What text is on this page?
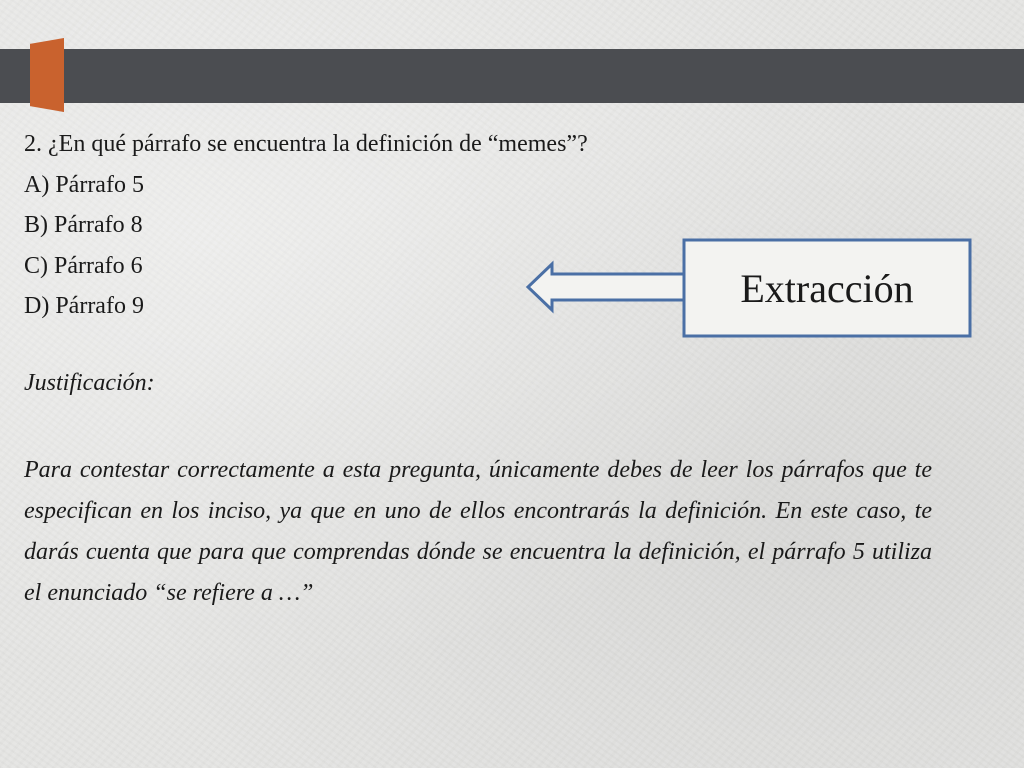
2. ¿En qué párrafo se encuentra la definición de “memes”?

A) Párrafo 5

B) Párrafo 8

C) Párrafo 6

D) Párrafo 9	Extracción

Justificación:

Para contestar correctamente a esta pregunta, únicamente debes de leer los párrafos que te especifican en los inciso, ya que en uno de ellos encontrarás la definición. En este caso, te darás cuenta que para que comprendas dónde se encuentra la definición, el párrafo 5 utiliza el enunciado “se refiere a …”
